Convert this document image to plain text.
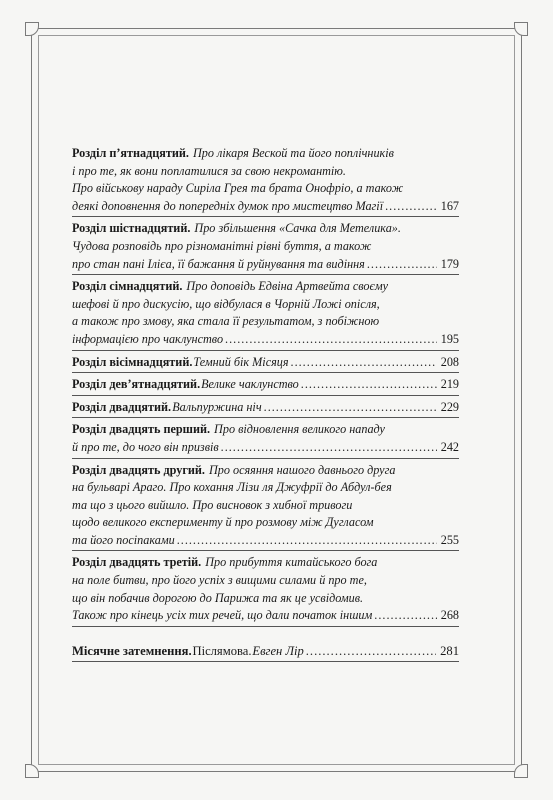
Розділ п’ятнадцятий. Про лікаря Веской та його поплічників
і про те, як вони поплатилися за свою некромантію.
Про військову нараду Сиріла Грея та брата Онофріо, а також
деякі доповнення до попередніх думок про мистецтво Магії .....	167
Розділ шістнадцятий. Про збільшення «Сачка для Метелика».
Чудова розповідь про різноманітні рівні буття, а також
про стан пані Ілієа, її бажання й руйнування та видіння .....	179
Розділ сімнадцятий. Про доповідь Едвіна Артвейта своєму
шефові й про дискусію, що відбулася в Чорній Ложі опісля,
а також про змову, яка стала її результатом, з побіжною
інформацією про чаклунство .....	195
Розділ вісімнадцятий. Темний бік Місяця .....	208
Розділ дев’ятнадцятий. Велике чаклунство .....	219
Розділ двадцятий. Вальпуржина ніч .....	229
Розділ двадцять перший. Про відновлення великого нападу
й про те, до чого він призвів .....	242
Розділ двадцять другий. Про осяяння нашого давнього друга
на бульварі Араго. Про кохання Лізи ля Джуфрії до Абдул-бея
та що з цього вийшло. Про висновок з хибної тривоги
щодо великого експерименту й про розмову між Дугласом
та його посіпаками .....	255
Розділ двадцять третій. Про прибуття китайського бога
на поле битви, про його успіх з вищими силами й про те,
що він побачив дорогою до Парижа та як це усвідомив.
Також про кінець усіх тих речей, що дали початок іншим .....	268
Місячне затемнення. Післямова. Евген Лір .....	281
